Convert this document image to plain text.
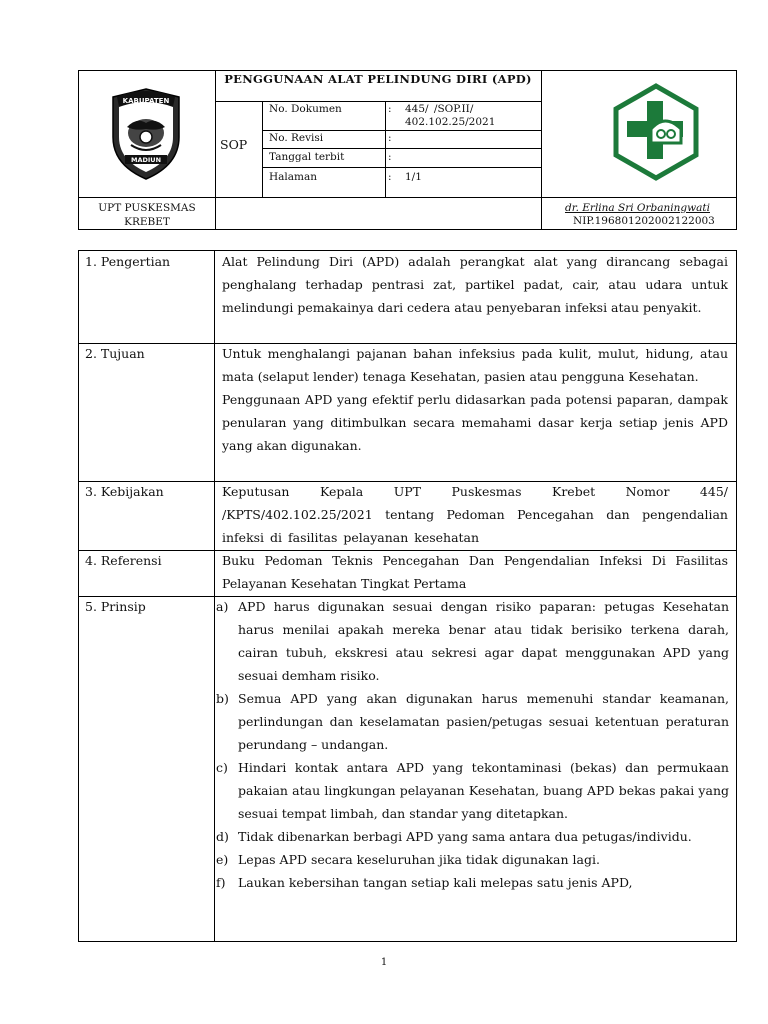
PENGGUNAAN ALAT PELINDUNG DIRI (APD)
SOP
No. Dokumen	: 445/ /SOP.II/ 402.102.25/2021
No. Revisi	:
Tanggal terbit	:
Halaman	: 1/1
UPT PUSKESMAS KREBET
dr. Erlina Sri Orbaningwati
NIP.196801202002122003
KABUPATEN
MADIUN
1. Pengertian	Alat Pelindung Diri (APD) adalah perangkat alat yang dirancang sebagai penghalang terhadap pentrasi zat, partikel padat, cair, atau udara untuk melindungi pemakainya dari cedera atau penyebaran infeksi atau penyakit.
2. Tujuan	Untuk menghalangi pajanan bahan infeksius pada kulit, mulut, hidung, atau mata (selaput lender) tenaga Kesehatan, pasien atau pengguna Kesehatan.
Penggunaan APD yang efektif perlu didasarkan pada potensi paparan, dampak penularan yang ditimbulkan secara memahami dasar kerja setiap jenis APD yang akan digunakan.
3. Kebijakan	Keputusan Kepala UPT Puskesmas Krebet Nomor 445/ /KPTS/402.102.25/2021 tentang Pedoman Pencegahan dan pengendalian infeksi di fasilitas pelayanan kesehatan
4. Referensi	Buku Pedoman Teknis Pencegahan Dan Pengendalian Infeksi Di Fasilitas Pelayanan Kesehatan Tingkat Pertama
5. Prinsip	a) APD harus digunakan sesuai dengan risiko paparan: petugas Kesehatan harus menilai apakah mereka benar atau tidak berisiko terkena darah, cairan tubuh, ekskresi atau sekresi agar dapat menggunakan APD yang sesuai demham risiko.
b) Semua APD yang akan digunakan harus memenuhi standar keamanan, perlindungan dan keselamatan pasien/petugas sesuai ketentuan peraturan perundang – undangan.
c) Hindari kontak antara APD yang tekontaminasi (bekas) dan permukaan pakaian atau lingkungan pelayanan Kesehatan, buang APD bekas pakai yang sesuai tempat limbah, dan standar yang ditetapkan.
d) Tidak dibenarkan berbagi APD yang sama antara dua petugas/individu.
e) Lepas APD secara keseluruhan jika tidak digunakan lagi.
f) Laukan kebersihan tangan setiap kali melepas satu jenis APD,
1
